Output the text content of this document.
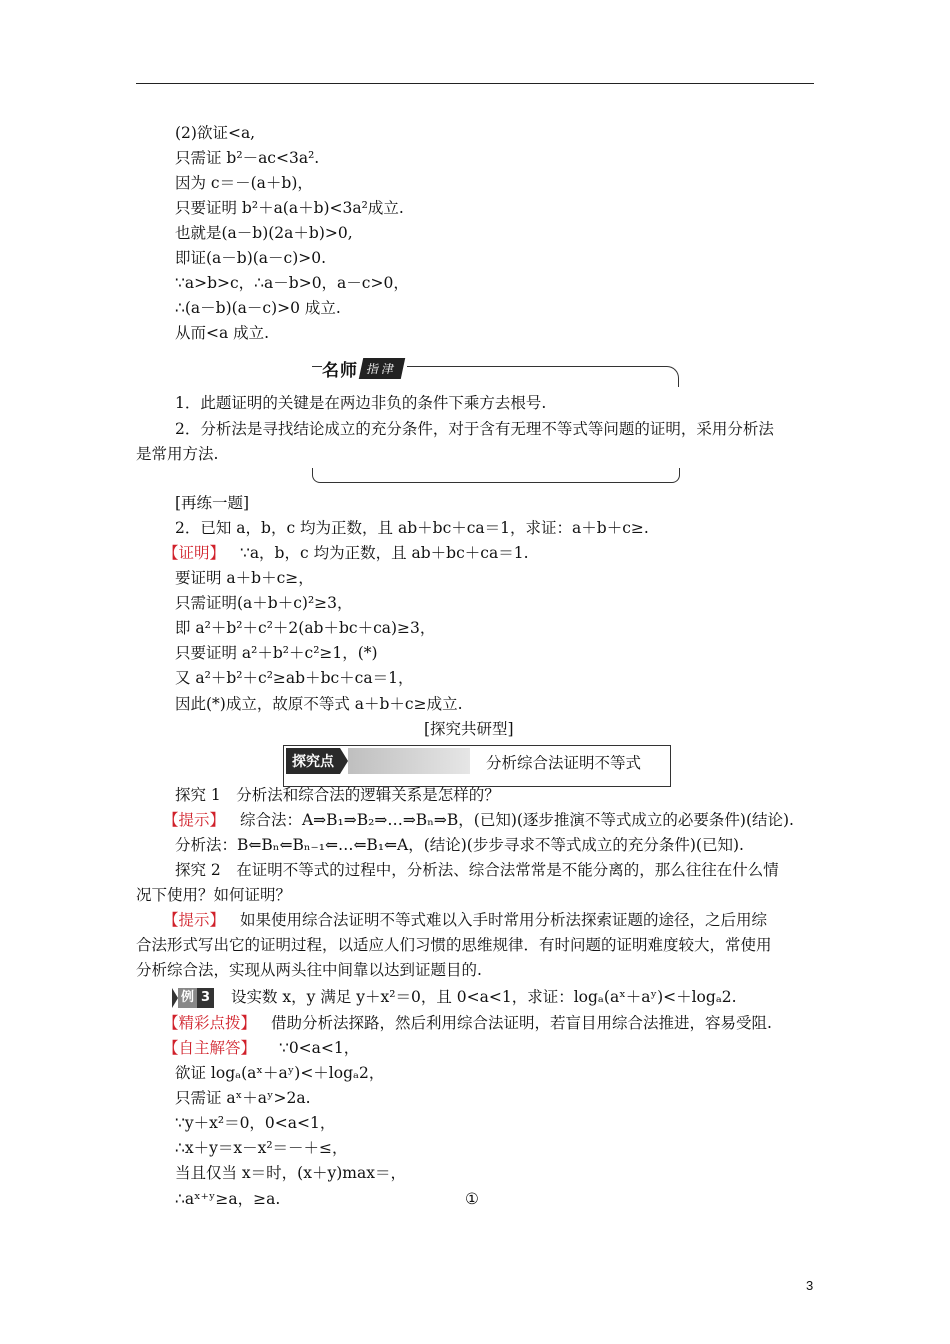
(2)欲证<a,
只需证 b²－ac<3a².
因为 c＝－(a＋b)，
只要证明 b²＋a(a＋b)<3a²成立.
也就是(a－b)(2a＋b)>0,
即证(a－b)(a－c)>0.
∵a>b>c，∴a－b>0，a－c>0，
∴(a－b)(a－c)>0 成立.
从而<a 成立.
名师 指津
1．此题证明的关键是在两边非负的条件下乘方去根号.
2．分析法是寻找结论成立的充分条件，对于含有无理不等式等问题的证明，采用分析法
是常用方法.
[再练一题]
2．已知 a，b，c 均为正数，且 ab＋bc＋ca＝1，求证：a＋b＋c≥.
【证明】 ∵a，b，c 均为正数，且 ab＋bc＋ca＝1.
要证明 a＋b＋c≥，
只需证明(a＋b＋c)²≥3，
即 a²＋b²＋c²＋2(ab＋bc＋ca)≥3，
只要证明 a²＋b²＋c²≥1，(*)
又 a²＋b²＋c²≥ab＋bc＋ca＝1，
因此(*)成立，故原不等式 a＋b＋c≥成立.
[探究共研型]
探究点	分析综合法证明不等式
探究 1　分析法和综合法的逻辑关系是怎样的？
【提示】 综合法：A⇒B₁⇒B₂⇒…⇒Bₙ⇒B，(已知)(逐步推演不等式成立的必要条件)(结论).
分析法：B⇐Bₙ⇐Bₙ₋₁⇐…⇐B₁⇐A，(结论)(步步寻求不等式成立的充分条件)(已知).
探究 2　在证明不等式的过程中，分析法、综合法常常是不能分离的，那么往往在什么情
况下使用？如何证明？
【提示】 如果使用综合法证明不等式难以入手时常用分析法探索证题的途径，之后用综
合法形式写出它的证明过程，以适应人们习惯的思维规律．有时问题的证明难度较大，常使用
分析综合法，实现从两头往中间靠以达到证题目的.
例 3 设实数 x，y 满足 y＋x²＝0，且 0<a<1，求证：logₐ(aˣ＋aʸ)<＋logₐ2.
【精彩点拨】 借助分析法探路，然后利用综合法证明，若盲目用综合法推进，容易受阻.
【自主解答】 ∵0<a<1，
欲证 logₐ(aˣ＋aʸ)<＋logₐ2，
只需证 aˣ＋aʸ>2a.
∵y＋x²＝0，0<a<1，
∴x＋y＝x－x²＝－＋≤，
当且仅当 x＝时，(x＋y)max＝，
∴aˣ⁺ʸ≥a，≥a.	①
3
